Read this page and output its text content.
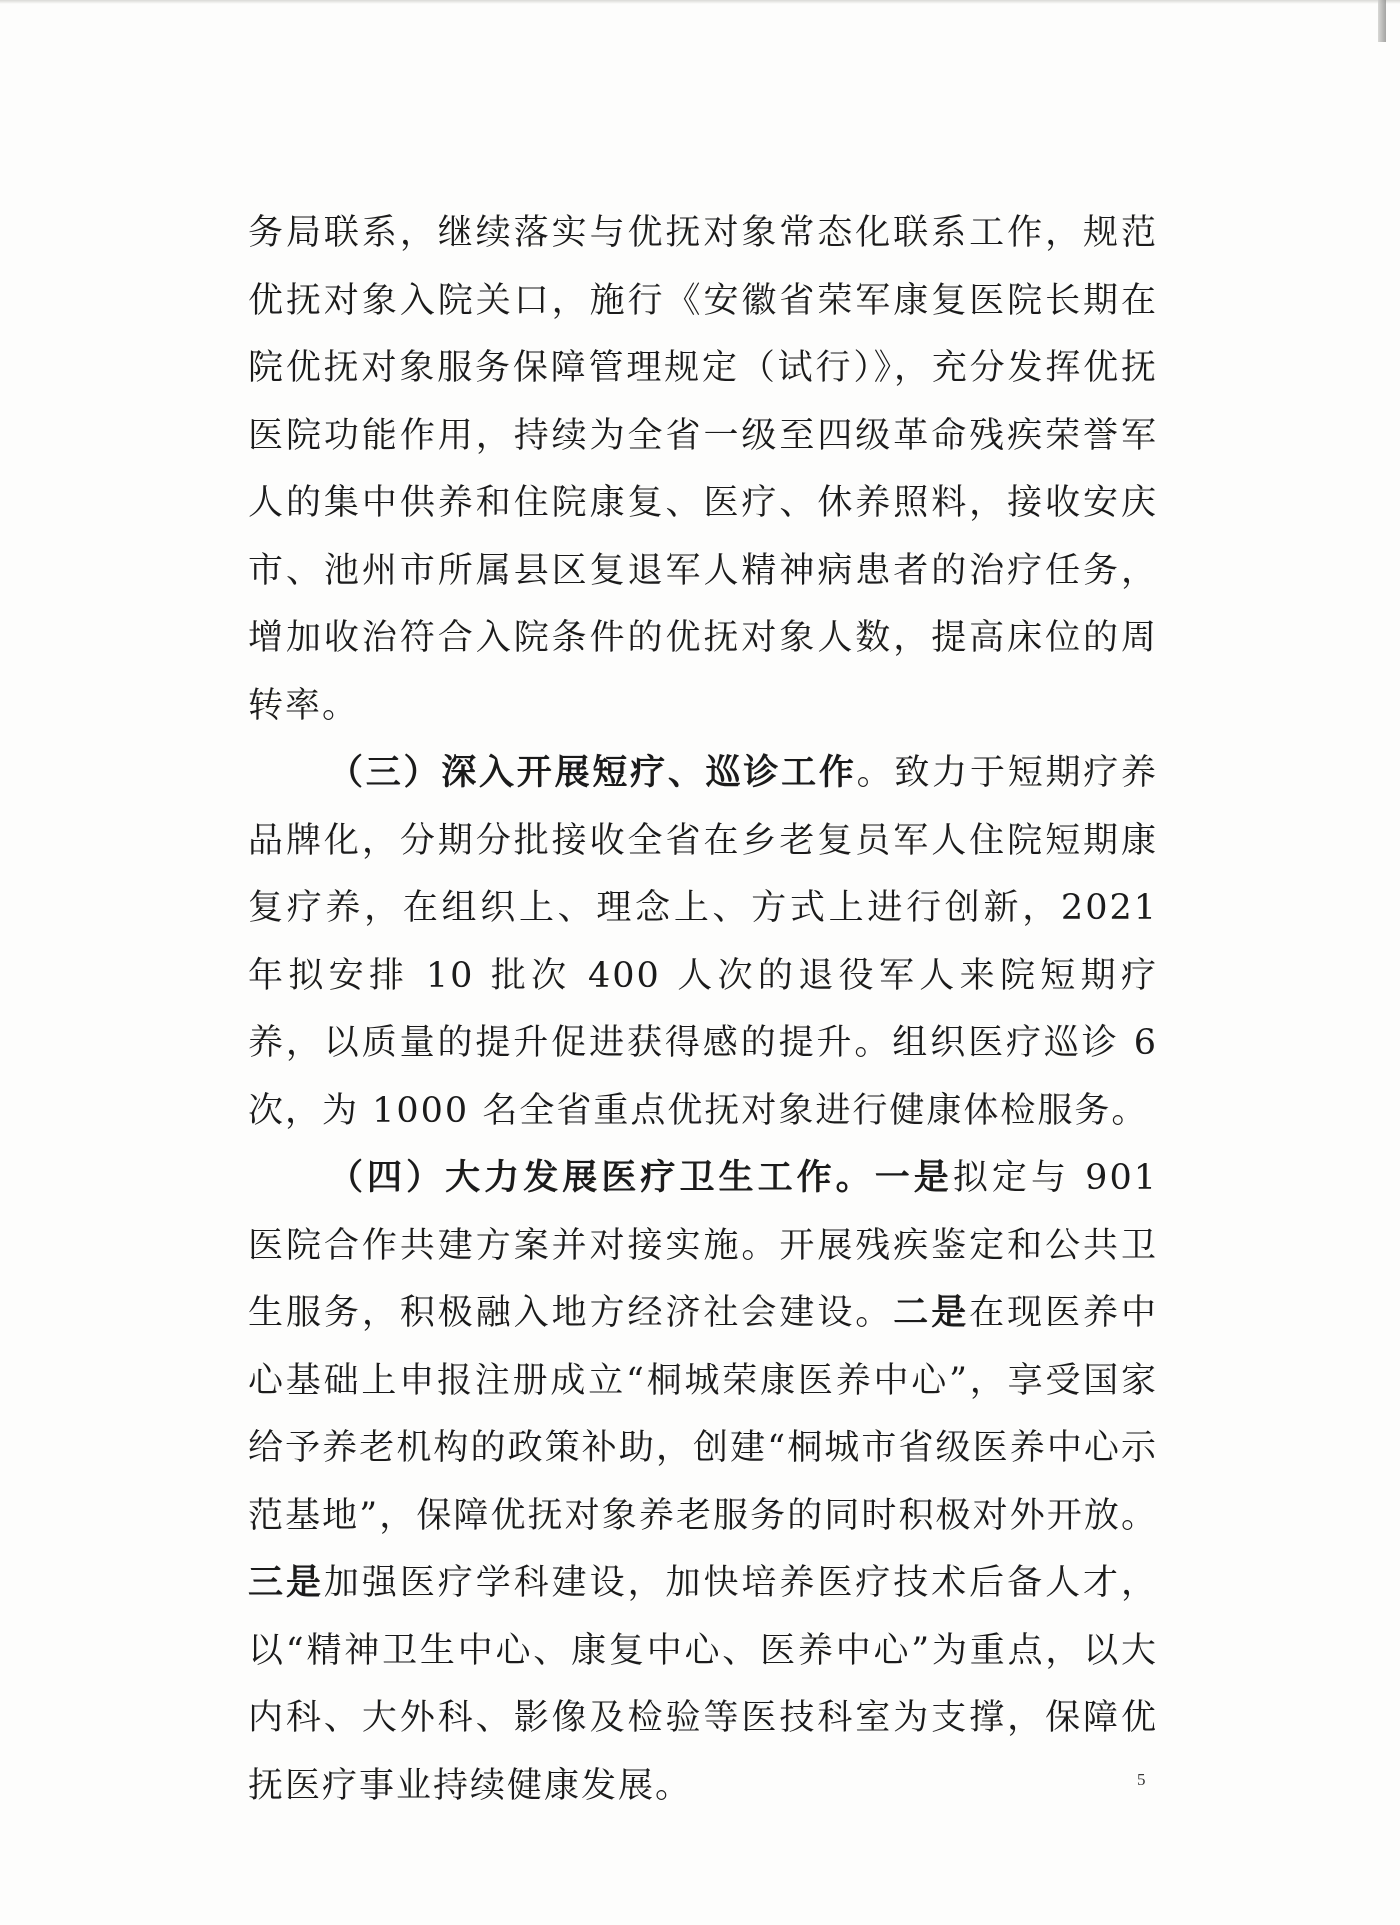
务局联系，继续落实与优抚对象常态化联系工作，规范优抚对象入院关口，施行《安徽省荣军康复医院长期在院优抚对象服务保障管理规定（试行）》，充分发挥优抚医院功能作用，持续为全省一级至四级革命残疾荣誉军人的集中供养和住院康复、医疗、休养照料，接收安庆市、池州市所属县区复退军人精神病患者的治疗任务，增加收治符合入院条件的优抚对象人数，提高床位的周转率。

（三）深入开展短疗、巡诊工作。致力于短期疗养品牌化，分期分批接收全省在乡老复员军人住院短期康复疗养，在组织上、理念上、方式上进行创新，2021 年拟安排 10 批次 400 人次的退役军人来院短期疗养，以质量的提升促进获得感的提升。组织医疗巡诊 6 次，为 1000 名全省重点优抚对象进行健康体检服务。

（四）大力发展医疗卫生工作。一是拟定与 901 医院合作共建方案并对接实施。开展残疾鉴定和公共卫生服务，积极融入地方经济社会建设。二是在现医养中心基础上申报注册成立“桐城荣康医养中心”，享受国家给予养老机构的政策补助，创建“桐城市省级医养中心示范基地”，保障优抚对象养老服务的同时积极对外开放。三是加强医疗学科建设，加快培养医疗技术后备人才，以“精神卫生中心、康复中心、医养中心”为重点，以大内科、大外科、影像及检验等医技科室为支撑，保障优抚医疗事业持续健康发展。	5
